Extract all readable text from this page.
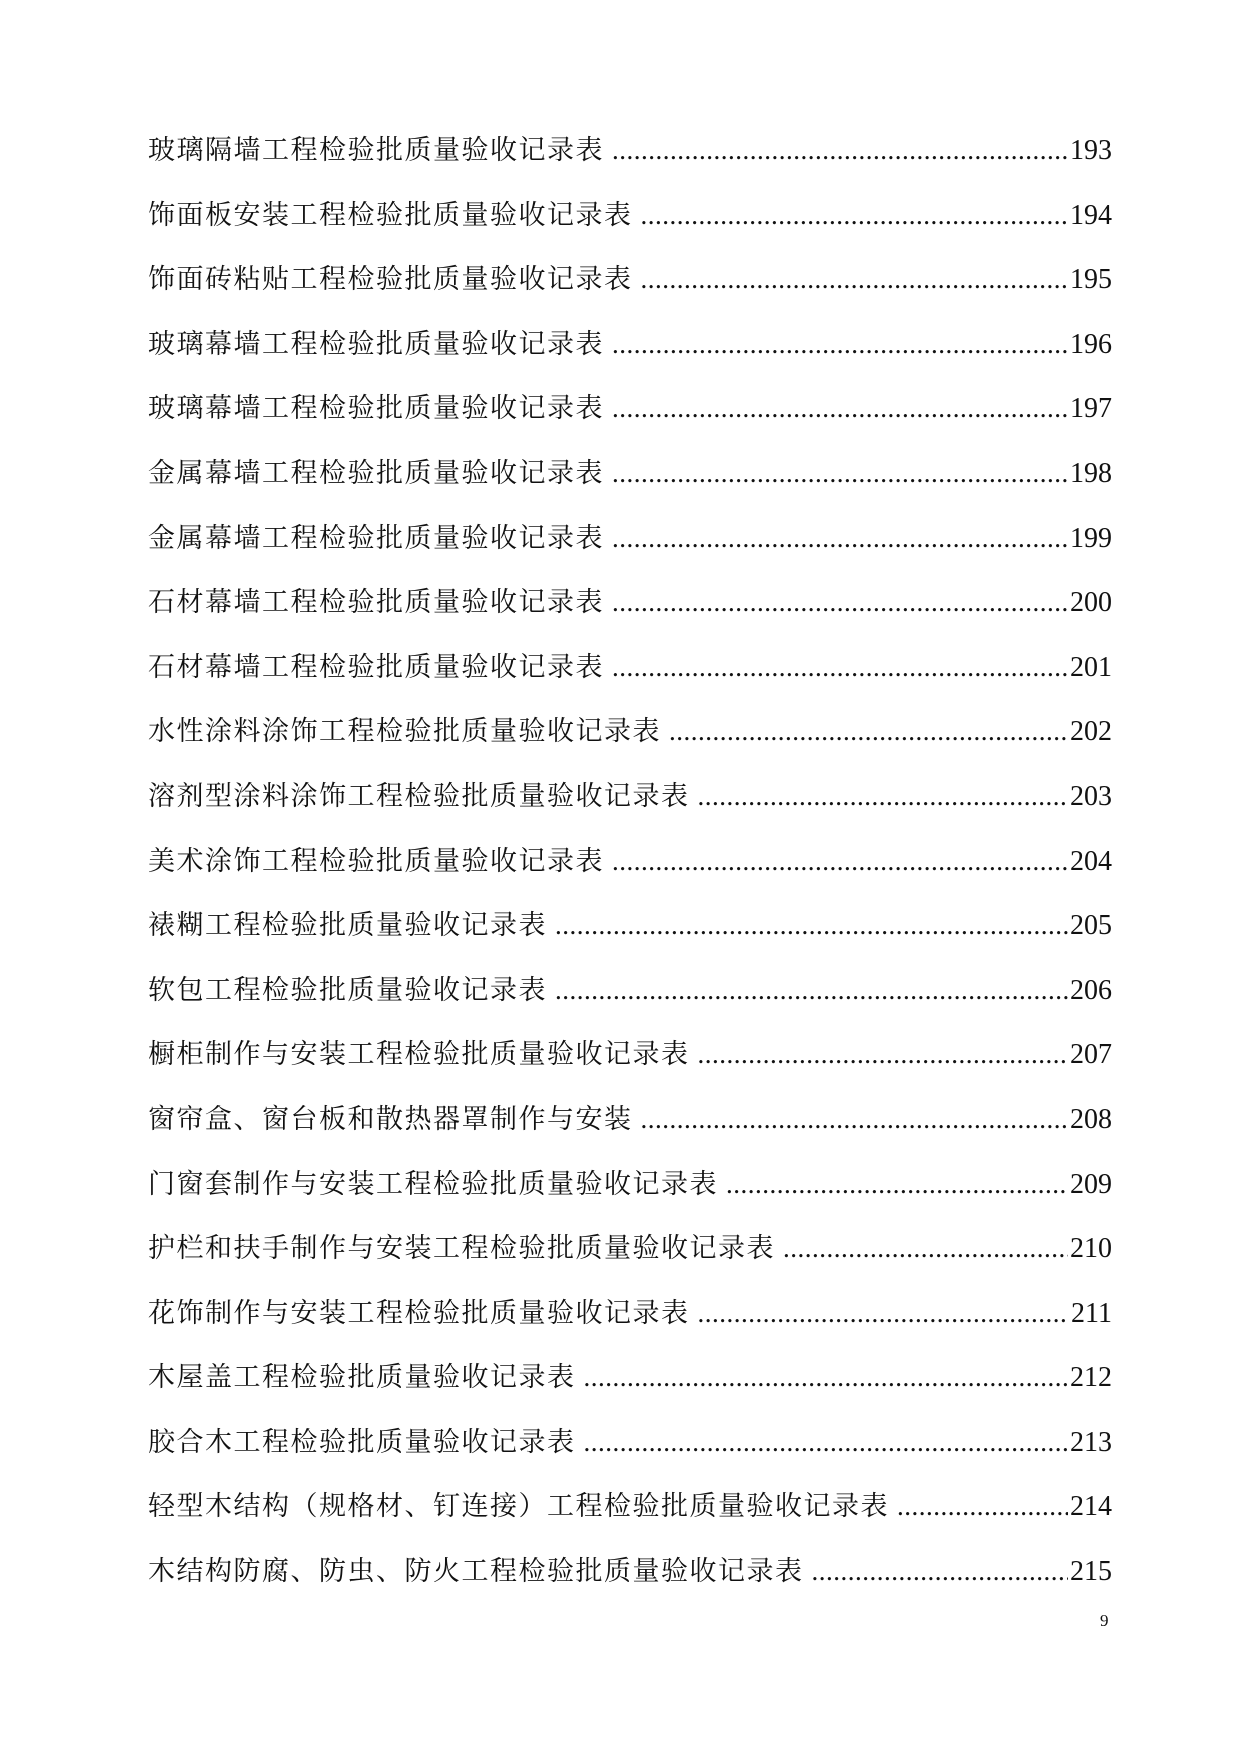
玻璃隔墙工程检验批质量验收记录表 .....	193
饰面板安装工程检验批质量验收记录表 .....	194
饰面砖粘贴工程检验批质量验收记录表 .....	195
玻璃幕墙工程检验批质量验收记录表 .....	196
玻璃幕墙工程检验批质量验收记录表 .....	197
金属幕墙工程检验批质量验收记录表 .....	198
金属幕墙工程检验批质量验收记录表 .....	199
石材幕墙工程检验批质量验收记录表 .....	200
石材幕墙工程检验批质量验收记录表 .....	201
水性涂料涂饰工程检验批质量验收记录表 .....	202
溶剂型涂料涂饰工程检验批质量验收记录表 .....	203
美术涂饰工程检验批质量验收记录表 .....	204
裱糊工程检验批质量验收记录表 .....	205
软包工程检验批质量验收记录表 .....	206
橱柜制作与安装工程检验批质量验收记录表 .....	207
窗帘盒、窗台板和散热器罩制作与安装 .....	208
门窗套制作与安装工程检验批质量验收记录表 .....	209
护栏和扶手制作与安装工程检验批质量验收记录表 .....	210
花饰制作与安装工程检验批质量验收记录表 .....	211
木屋盖工程检验批质量验收记录表 .....	212
胶合木工程检验批质量验收记录表 .....	213
轻型木结构（规格材、钉连接）工程检验批质量验收记录表 .....	214
木结构防腐、防虫、防火工程检验批质量验收记录表 .....	215
9
